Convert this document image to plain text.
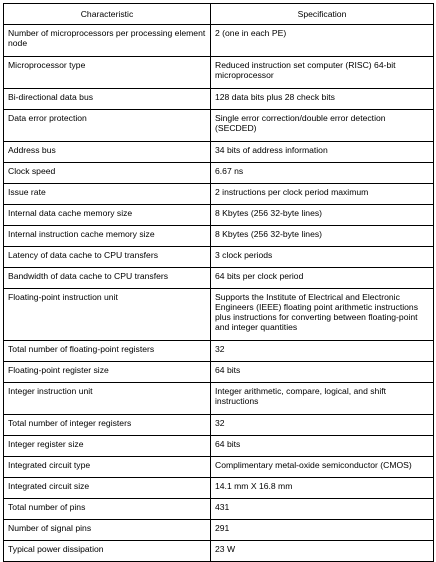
Characteristic	Specification
Number of microprocessors per processing element node	2 (one in each PE)
Microprocessor type	Reduced instruction set computer (RISC) 64-bit microprocessor
Bi-directional data bus	128 data bits plus 28 check bits
Data error protection	Single error correction/double error detection (SECDED)
Address bus	34 bits of address information
Clock speed	6.67 ns
Issue rate	2 instructions per clock period maximum
Internal data cache memory size	8 Kbytes (256 32-byte lines)
Internal instruction cache memory size	8 Kbytes (256 32-byte lines)
Latency of data cache to CPU transfers	3 clock periods
Bandwidth of data cache to CPU transfers	64 bits per clock period
Floating-point instruction unit	Supports the Institute of Electrical and Electronic Engineers (IEEE) floating point arithmetic instructions plus instructions for converting between floating-point and integer quantities
Total number of floating-point registers	32
Floating-point register size	64 bits
Integer instruction unit	Integer arithmetic, compare, logical, and shift instructions
Total number of integer registers	32
Integer register size	64 bits
Integrated circuit type	Complimentary metal-oxide semiconductor (CMOS)
Integrated circuit size	14.1 mm X 16.8 mm
Total number of pins	431
Number of signal pins	291
Typical power dissipation	23 W
